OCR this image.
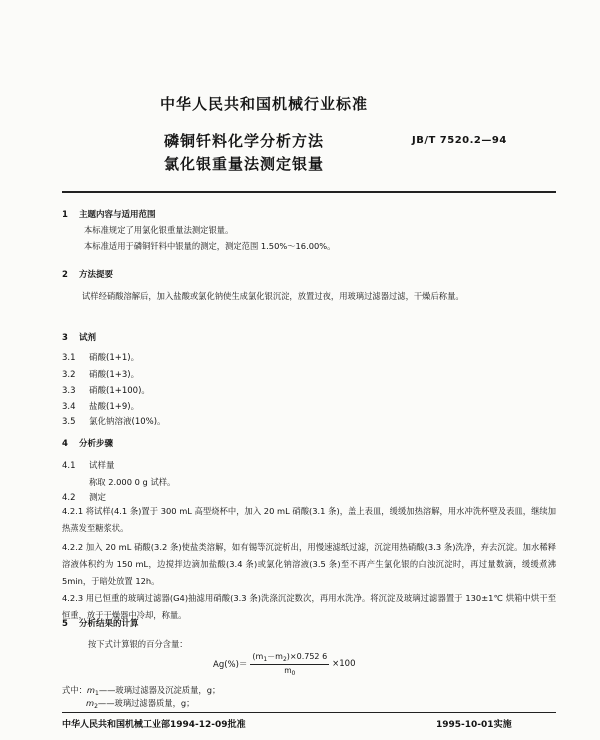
中华人民共和国机械行业标准
磷铜钎料化学分析方法
氯化银重量法测定银量
JB/T 7520.2—94
1 主题内容与适用范围
本标准规定了用氯化银重量法测定银量。
本标准适用于磷铜钎料中银量的测定，测定范围 1.50%～16.00%。
2 方法提要
试样经硝酸溶解后，加入盐酸或氯化钠使生成氯化银沉淀，放置过夜，用玻璃过滤器过滤，干燥后称量。
3 试剂
3.1 硝酸(1+1)。
3.2 硝酸(1+3)。
3.3 硝酸(1+100)。
3.4 盐酸(1+9)。
3.5 氯化钠溶液(10%)。
4 分析步骤
4.1 试样量
称取 2.000 0 g 试样。
4.2 测定
4.2.1 将试样(4.1 条)置于 300 mL 高型烧杯中，加入 20 mL 硝酸(3.1 条)，盖上表皿，缓缓加热溶解，用水冲洗杯壁及表皿，继续加热蒸发至糖浆状。
4.2.2 加入 20 mL 硝酸(3.2 条)使盐类溶解，如有锡等沉淀析出，用慢速滤纸过滤，沉淀用热硝酸(3.3 条)洗净，弃去沉淀。加水稀释溶液体积约为 150 mL，边搅拌边滴加盐酸(3.4 条)或氯化钠溶液(3.5 条)至不再产生氯化银的白浊沉淀时，再过量数滴，缓缓煮沸 5min，于暗处放置 12h。
4.2.3 用已恒重的玻璃过滤器(G4)抽滤用硝酸(3.3 条)洗涤沉淀数次，再用水洗净。将沉淀及玻璃过滤器置于 130±1℃ 烘箱中烘干至恒重，放于干燥器中冷却，称量。
5 分析结果的计算
按下式计算银的百分含量：
$Ag(\%)= \frac{(m_1-m_2)\times 0.752 6}{m_0} \times 100$
式中：$m_1——$玻璃过滤器及沉淀质量，g；
$m_2——$玻璃过滤器质量，g；
中华人民共和国机械工业部1994-12-09批准	1995-10-01实施
